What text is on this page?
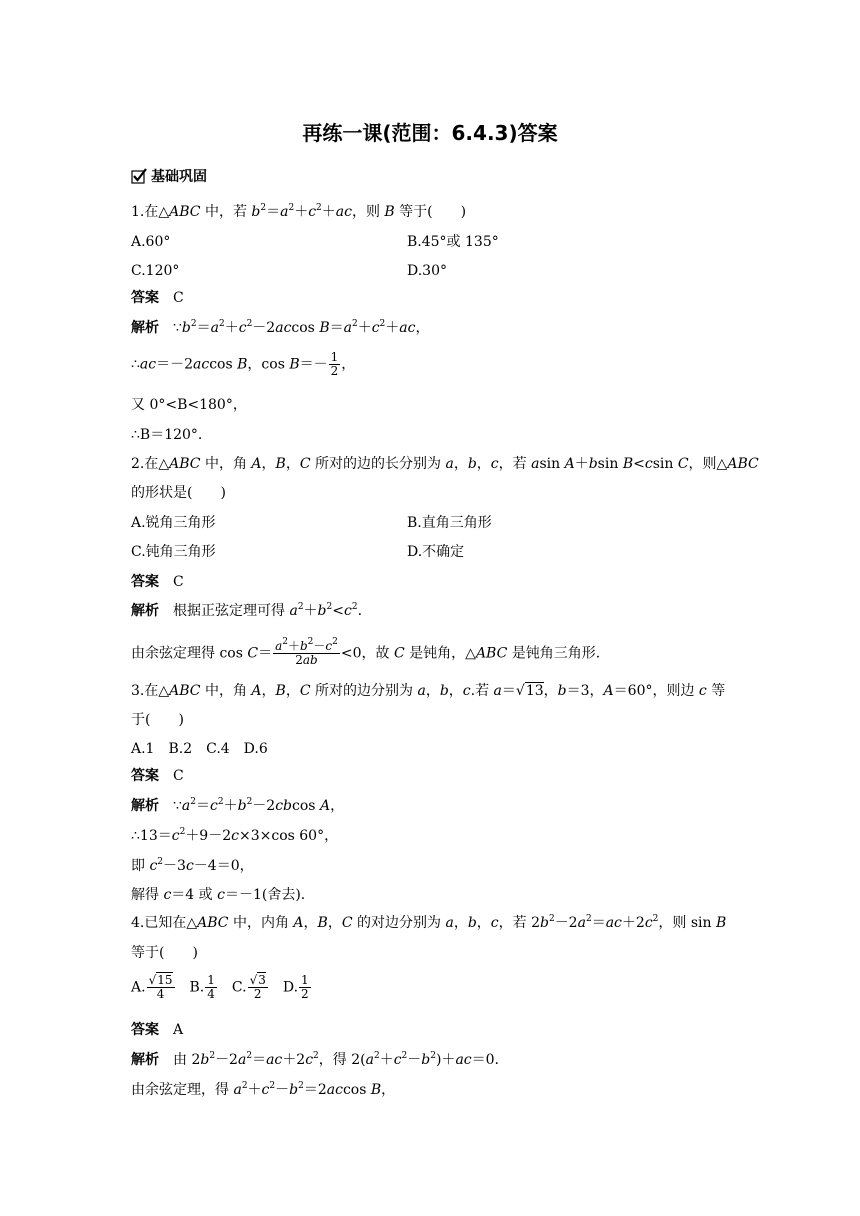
再练一课(范围：6.4.3)答案
基础巩固
1.在△ABC 中，若 $b^2=a^2+c^2+ac$，则 B 等于(　　)
A.60°	B.45°或 135°
C.120°	D.30°
答案 C
解析 $\because b^2=a^2+c^2-2accos$ $B=a^2+c^2+ac$，
∴ac＝－2accos B，$\cos B=- \frac{1}{2}$ ，
又 0°<B<180°，
∴B＝120°.
2.在△ABC 中，角 A，B，C 所对的边的长分别为 a，b，c，若 asin A＋bsin B<csin C，则△ABC
的形状是(　　)
A.锐角三角形	B.直角三角形
C.钝角三角形	D.不确定
答案 C
解析 根据正弦定理可得 $a^2+b^2<c^2$.
由余弦定理得 $\cos C= \frac{a^2+b^2-c^2}{2ab} <0$，故 C 是钝角，△ABC 是钝角三角形.
3.在△ABC 中，角 A，B，C 所对的边分别为 a，b，c.若 a＝√13，b＝3，A＝60°，则边 c 等
于(　　)
A.1　B.2　C.4　D.6
答案 C
解析 $\because a^2=c^2+b^2-2cbcos$ A，
$\therefore 13=c^2+9-2c\times 3\times\cos$ 60°，
即 $c^2-3c-4=0$，
解得 c＝4 或 c＝－1(舍去).
4.已知在△ABC 中，内角 A，B，C 的对边分别为 a，b，c，若 $2b^2-2a^2=ac+2c^2$，则 sin B
等于(　　)
A. $\frac{√15}{4}$ 　B. $\frac{1}{4}$ 　C. $\frac{√3}{2}$ 　D. $\frac{1}{2}$
答案 A
解析 由 $2b^2-2a^2=ac+2c^2$，得 $2(a^2+c^2-b^2)+ac=0$.
由余弦定理，得 $a^2+c^2-b^2=2accos$ B，
